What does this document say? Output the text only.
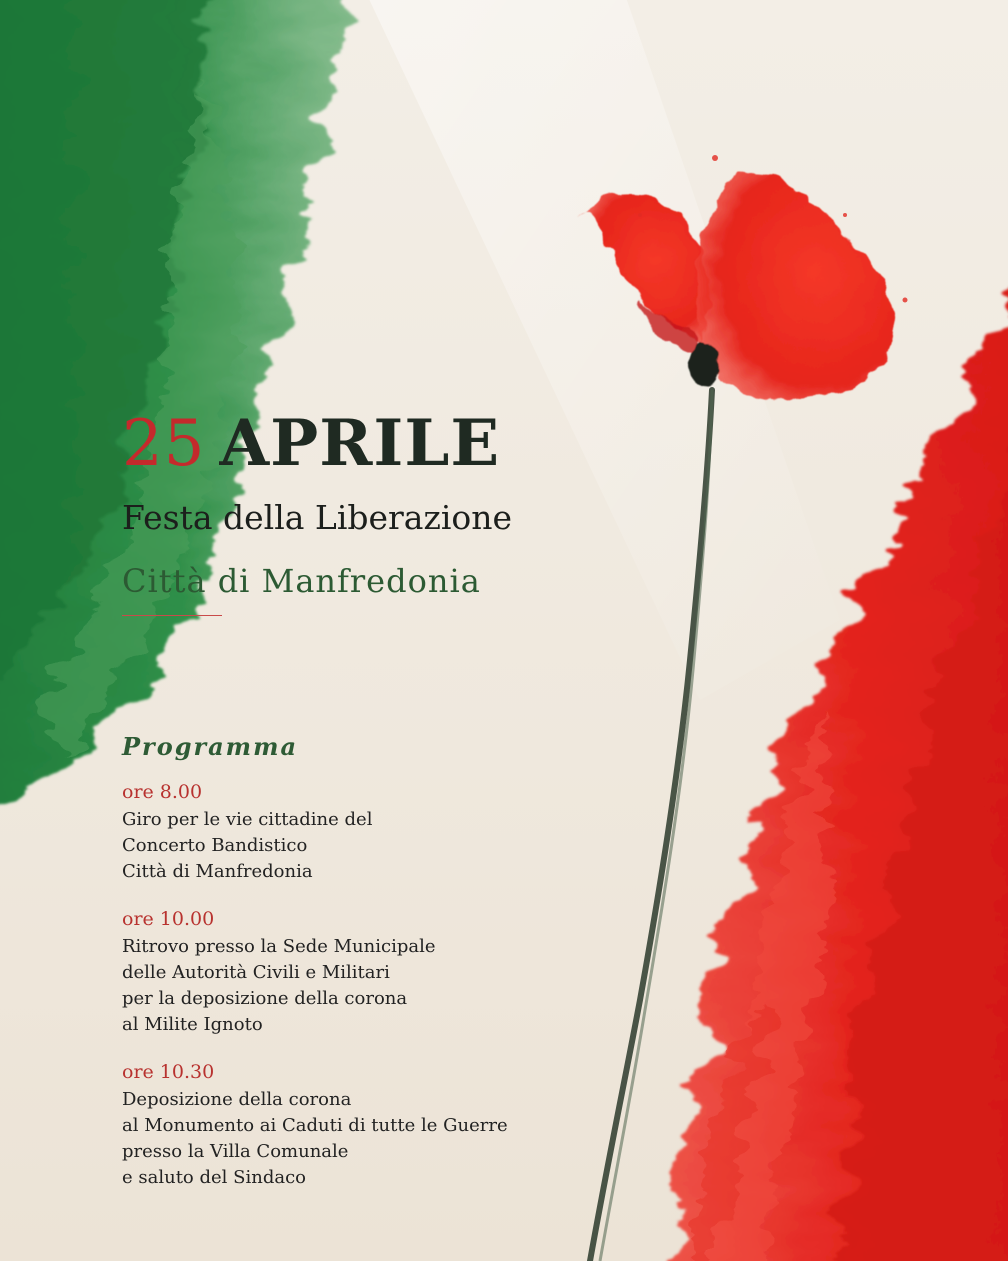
25 APRILE

Festa della Liberazione

Città di Manfredonia

Programma
ore 8.00
Giro per le vie cittadine del
Concerto Bandistico
Città di Manfredonia
ore 10.00
Ritrovo presso la Sede Municipale
delle Autorità Civili e Militari
per la deposizione della corona
al Milite Ignoto
ore 10.30
Deposizione della corona
al Monumento ai Caduti di tutte le Guerre
presso la Villa Comunale
e saluto del Sindaco
